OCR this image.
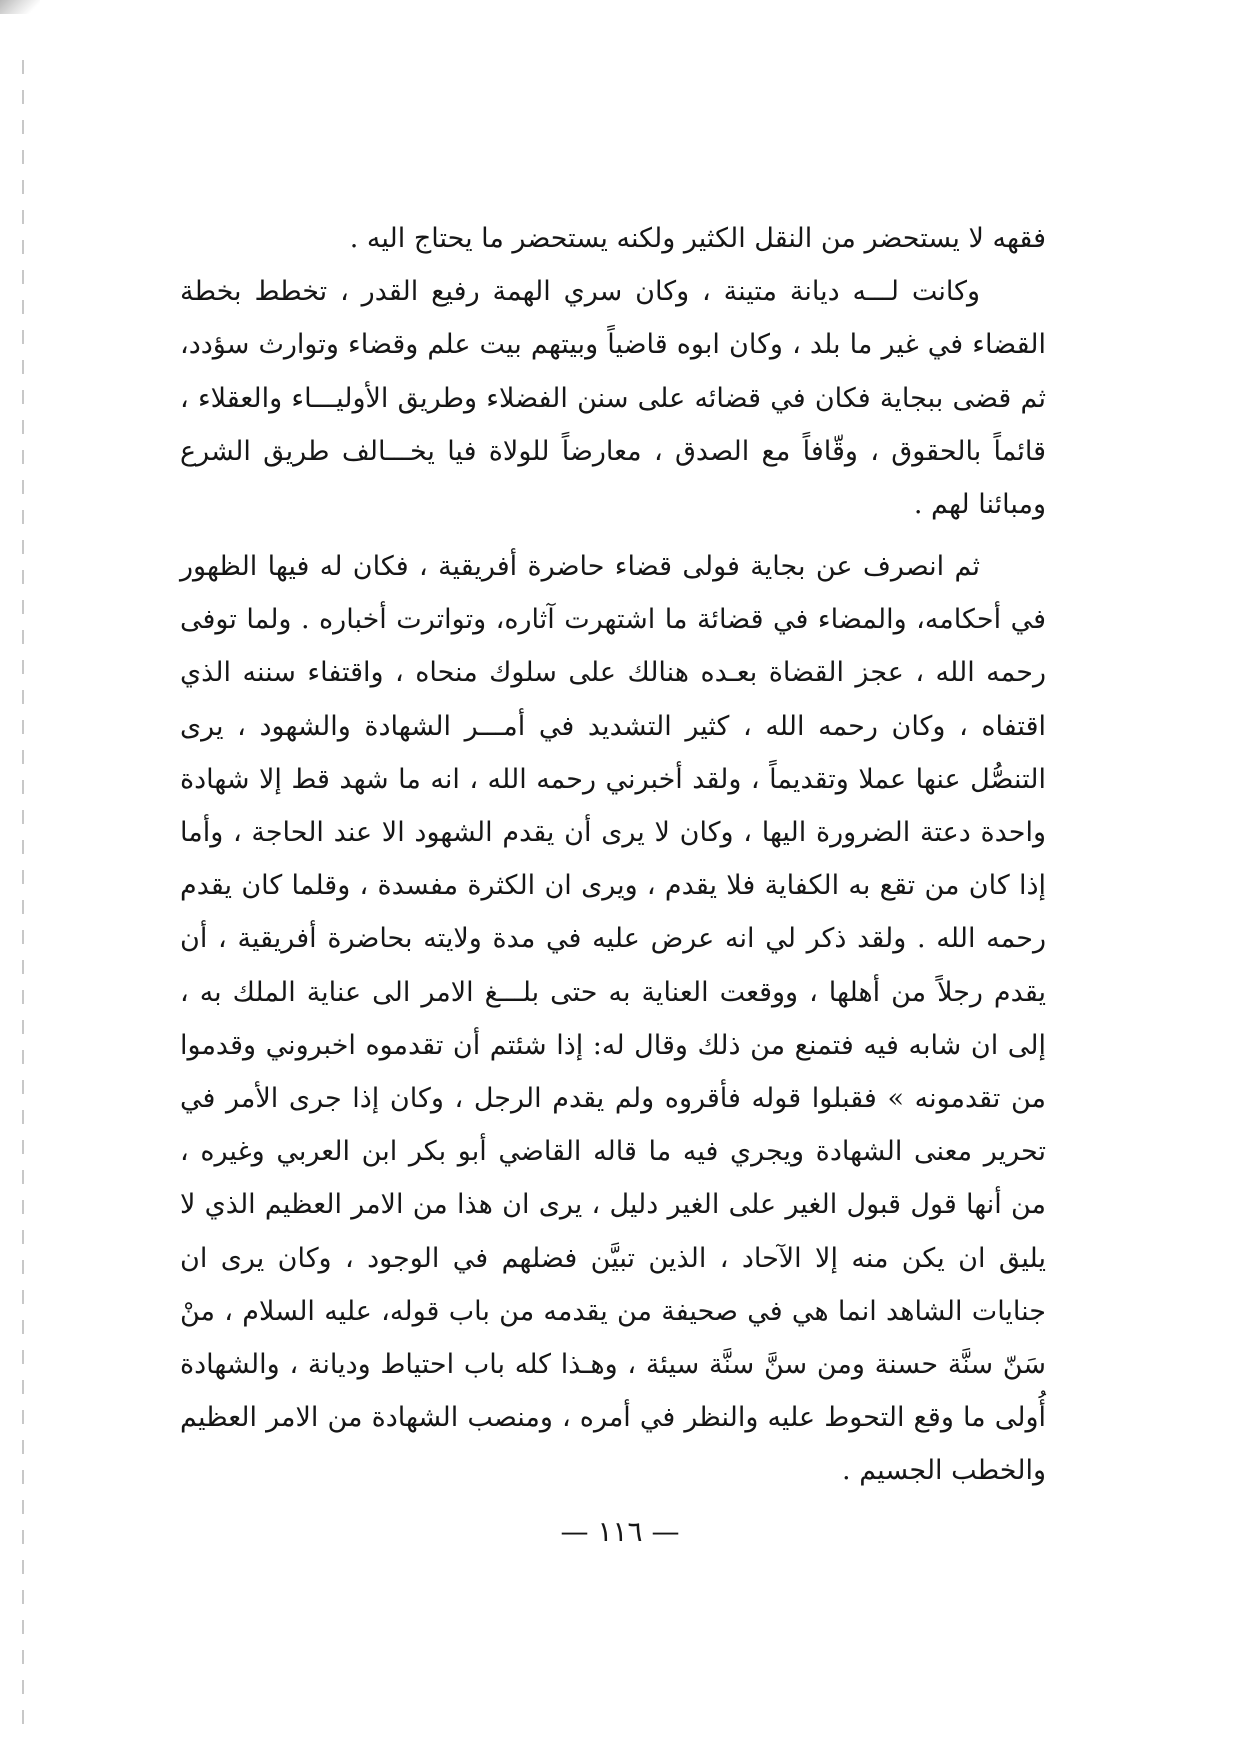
فقهه لا يستحضر من النقل الكثير ولكنه يستحضر ما يحتاج اليه .

وكانت لـــه ديانة متينة ، وكان سري الهمة رفيع القدر ، تخطط بخطة القضاء في غير ما بلد ، وكان ابوه قاضياً وبيتهم بيت علم وقضاء وتوارث سؤدد، ثم قضى ببجاية فكان في قضائه على سنن الفضلاء وطريق الأوليـــاء والعقلاء ، قائماً بالحقوق ، وقّافاً مع الصدق ، معارضاً للولاة فيا يخـــالف طريق الشرع ومبائنا لهم .

ثم انصرف عن بجاية فولى قضاء حاضرة أفريقية ، فكان له فيها الظهور في أحكامه، والمضاء في قضائة ما اشتهرت آثاره، وتواترت أخباره . ولما توفى رحمه الله ، عجز القضاة بعـده هنالك على سلوك منحاه ، واقتفاء سننه الذي اقتفاه ، وكان رحمه الله ، كثير التشديد في أمـــر الشهادة والشهود ، يرى التنصُّل عنها عملا وتقديماً ، ولقد أخبرني رحمه الله ، انه ما شهد قط إلا شهادة واحدة دعتة الضرورة اليها ، وكان لا يرى أن يقدم الشهود الا عند الحاجة ، وأما إذا كان من تقع به الكفاية فلا يقدم ، ويرى ان الكثرة مفسدة ، وقلما كان يقدم رحمه الله . ولقد ذكر لي انه عرض عليه في مدة ولايته بحاضرة أفريقية ، أن يقدم رجلاً من أهلها ، ووقعت العناية به حتى بلـــغ الامر الى عناية الملك به ، إلى ان شابه فيه فتمنع من ذلك وقال له: إذا شئتم أن تقدموه اخبروني وقدموا من تقدمونه » فقبلوا قوله فأقروه ولم يقدم الرجل ، وكان إذا جرى الأمر في تحرير معنى الشهادة ويجري فيه ما قاله القاضي أبو بكر ابن العربي وغيره ، من أنها قول قبول الغير على الغير دليل ، يرى ان هذا من الامر العظيم الذي لا يليق ان يكن منه إلا الآحاد ، الذين تبيَّن فضلهم في الوجود ، وكان يرى ان جنايات الشاهد انما هي في صحيفة من يقدمه من باب قوله، عليه السلام ، منْ سَنّ سنَّة حسنة ومن سنَّ سنَّة سيئة ، وهـذا كله باب احتياط وديانة ، والشهادة أُولى ما وقع التحوط عليه والنظر في أمره ، ومنصب الشهادة من الامر العظيم والخطب الجسيم .

— ١١٦ —
